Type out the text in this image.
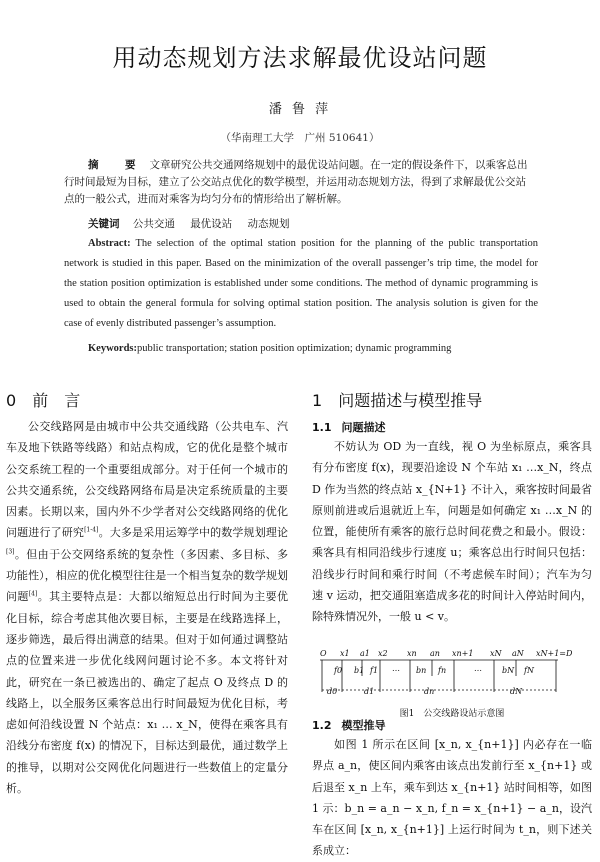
用动态规划方法求解最优设站问题
潘 鲁 萍
（华南理工大学　广州 510641）
摘　要 文章研究公共交通网络规划中的最优设站问题。在一定的假设条件下，以乘客总出行时间最短为目标，建立了公交站点优化的数学模型，并运用动态规划方法，得到了求解最优公交站点的一般公式，进而对乘客为均匀分布的情形给出了解析解。
关键词 公共交通 最优设站 动态规划
Abstract: The selection of the optimal station position for the planning of the public transportation network is studied in this paper. Based on the minimization of the overall passenger’s trip time, the model for the station position optimization is established under some conditions. The method of dynamic programming is used to obtain the general formula for solving optimal station position. The analysis solution is given for the case of evenly distributed passenger’s assumption.
Keywords:public transportation; station position optimization; dynamic programming
0 前　言

公交线路网是由城市中公共交通线路（公共电车、汽车及地下铁路等线路）和站点构成，它的优化是整个城市公交系统工程的一个重要组成部分。对于任何一个城市的公共交通系统，公交线路网络布局是决定系统质量的主要因素。长期以来，国内外不少学者对公交线路网络的优化问题进行了研究[1-4]。大多是采用运筹学中的数学规划理论[3]。但由于公交网络系统的复杂性（多因素、多目标、多功能性），相应的优化模型往往是一个相当复杂的数学规划问题[4]。其主要特点是：大都以缩短总出行时间为主要优化目标，综合考虑其他次要目标，主要是在线路选择上，逐步筛选，最后得出满意的结果。但对于如何通过调整站点的位置来进一步优化线网问题讨论不多。本文将针对此，研究在一条已被选出的、确定了起点 O 及终点 D 的线路上，以全服务区乘客总出行时间最短为优化目标，考虑如何沿线设置 N 个站点：x₁ … x_N，使得在乘客具有沿线分布密度 f(x) 的情况下，目标达到最优，通过数学上的推导，以期对公交网优化问题进行一些数值上的定量分析。

1 问题描述与模型推导
1.1 问题描述

不妨认为 OD 为一直线，视 O 为坐标原点，乘客具有分布密度 f(x)，现要沿途设 N 个车站 x₁ …x_N，终点 D 作为当然的终点站 x_{N+1} 不计入，乘客按时间最省原则前进或后退就近上车，问题是如何确定 x₁ …x_N 的位置，能使所有乘客的旅行总时间花费之和最小。假设：乘客具有相同沿线步行速度 u；乘客总出行时间只包括：沿线步行时间和乘行时间（不考虑候车时间）；汽车为匀速 v 运动，把交通阻塞造成多花的时间计入停站时间内，除特殊情况外，一般 u < v。

O x1 a1 x2 xn an xn+1 xN aN xN+1=D
f0 b1 f1 … bn fn	…	bN fN
d0	d1	dn	dN
图1　公交线路设站示意图
1.2 模型推导

如图 1 所示在区间 [x_n, x_{n+1}] 内必存在一临界点 a_n，使区间内乘客由该点出发前行至 x_{n+1} 或后退至 x_n 上车，乘车到达 x_{n+1} 站时间相等，如图 1 示：b_n = a_n − x_n, f_n = x_{n+1} − a_n，设汽车在区间 [x_n, x_{n+1}] 上运行时间为 t_n，则下述关系成立：
